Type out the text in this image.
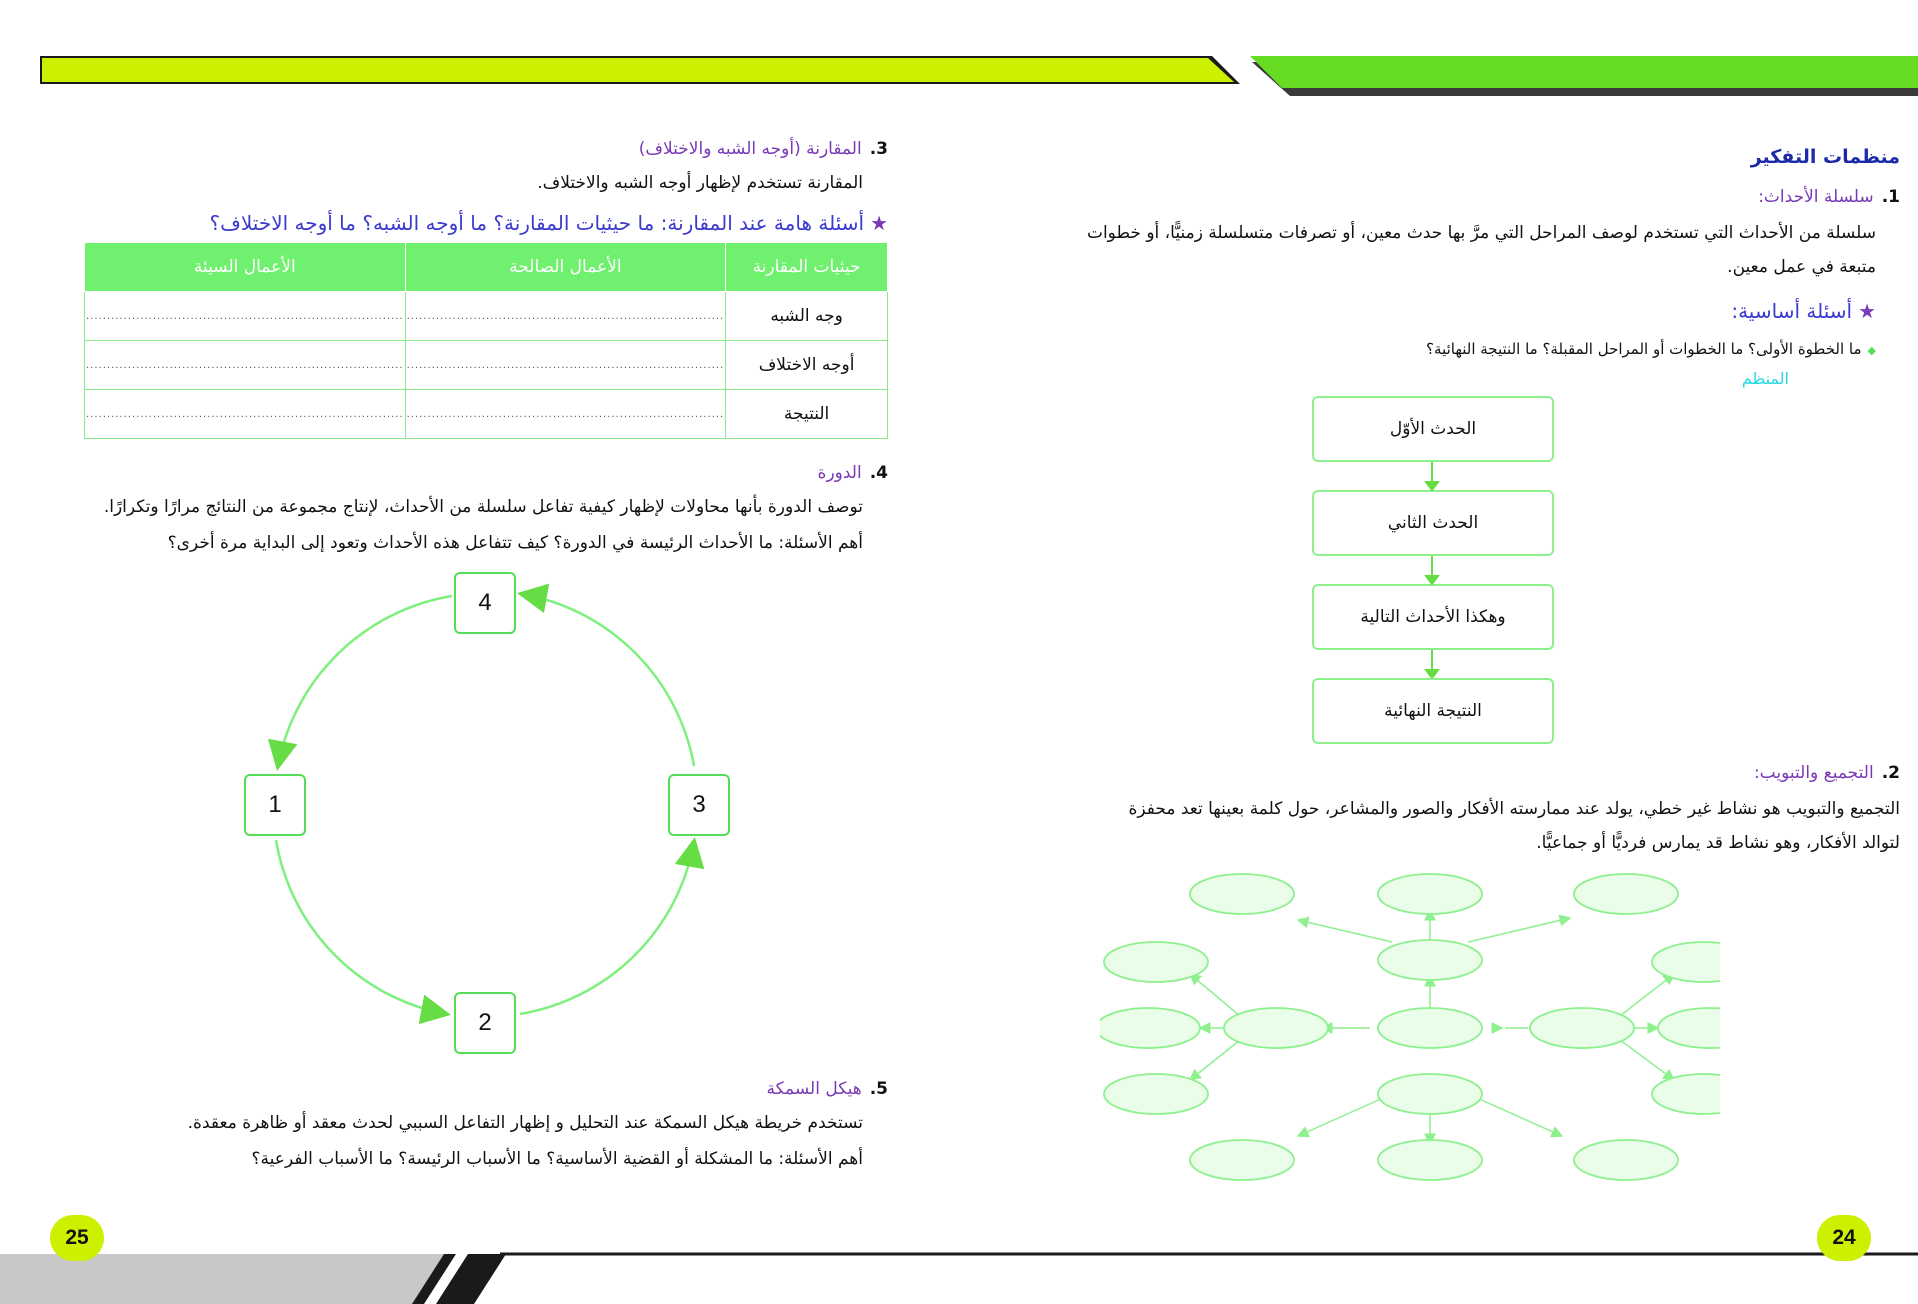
25	24
منظمات التفكير
1.سلسلة الأحداث:
سلسلة من الأحداث التي تستخدم لوصف المراحل التي مرَّ بها حدث معين، أو تصرفات متسلسلة زمنيًّا، أو خطوات
متبعة في عمل معين.
★أسئلة أساسية:
◆ما الخطوة الأولى؟ ما الخطوات أو المراحل المقبلة؟ ما النتيجة النهائية؟
المنظم
الحدث الأوّل
الحدث الثاني
وهكذا الأحداث التالية
النتيجة النهائية
2.التجميع والتبويب:
التجميع والتبويب هو نشاط غير خطي، يولد عند ممارسته الأفكار والصور والمشاعر، حول كلمة بعينها تعد محفزة
لتوالد الأفكار، وهو نشاط قد يمارس فرديًّا أو جماعيًّا.
3.المقارنة (أوجه الشبه والاختلاف)
المقارنة تستخدم لإظهار أوجه الشبه والاختلاف.
★أسئلة هامة عند المقارنة: ما حيثيات المقارنة؟ ما أوجه الشبه؟ ما أوجه الاختلاف؟
حيثيات المقارنة	الأعمال الصالحة	الأعمال السيئة
وجه الشبه	............................................................................	............................................................................
أوجه الاختلاف	............................................................................	............................................................................
النتيجة	............................................................................	............................................................................
4.الدورة
توصف الدورة بأنها محاولات لإظهار كيفية تفاعل سلسلة من الأحداث، لإنتاج مجموعة من النتائج مرارًا وتكرارًا.
أهم الأسئلة: ما الأحداث الرئيسة في الدورة؟ كيف تتفاعل هذه الأحداث وتعود إلى البداية مرة أخرى؟
4
1	3
2
5.هيكل السمكة
تستخدم خريطة هيكل السمكة عند التحليل و إظهار التفاعل السببي لحدث معقد أو ظاهرة معقدة.
أهم الأسئلة: ما المشكلة أو القضية الأساسية؟ ما الأسباب الرئيسة؟ ما الأسباب الفرعية؟
